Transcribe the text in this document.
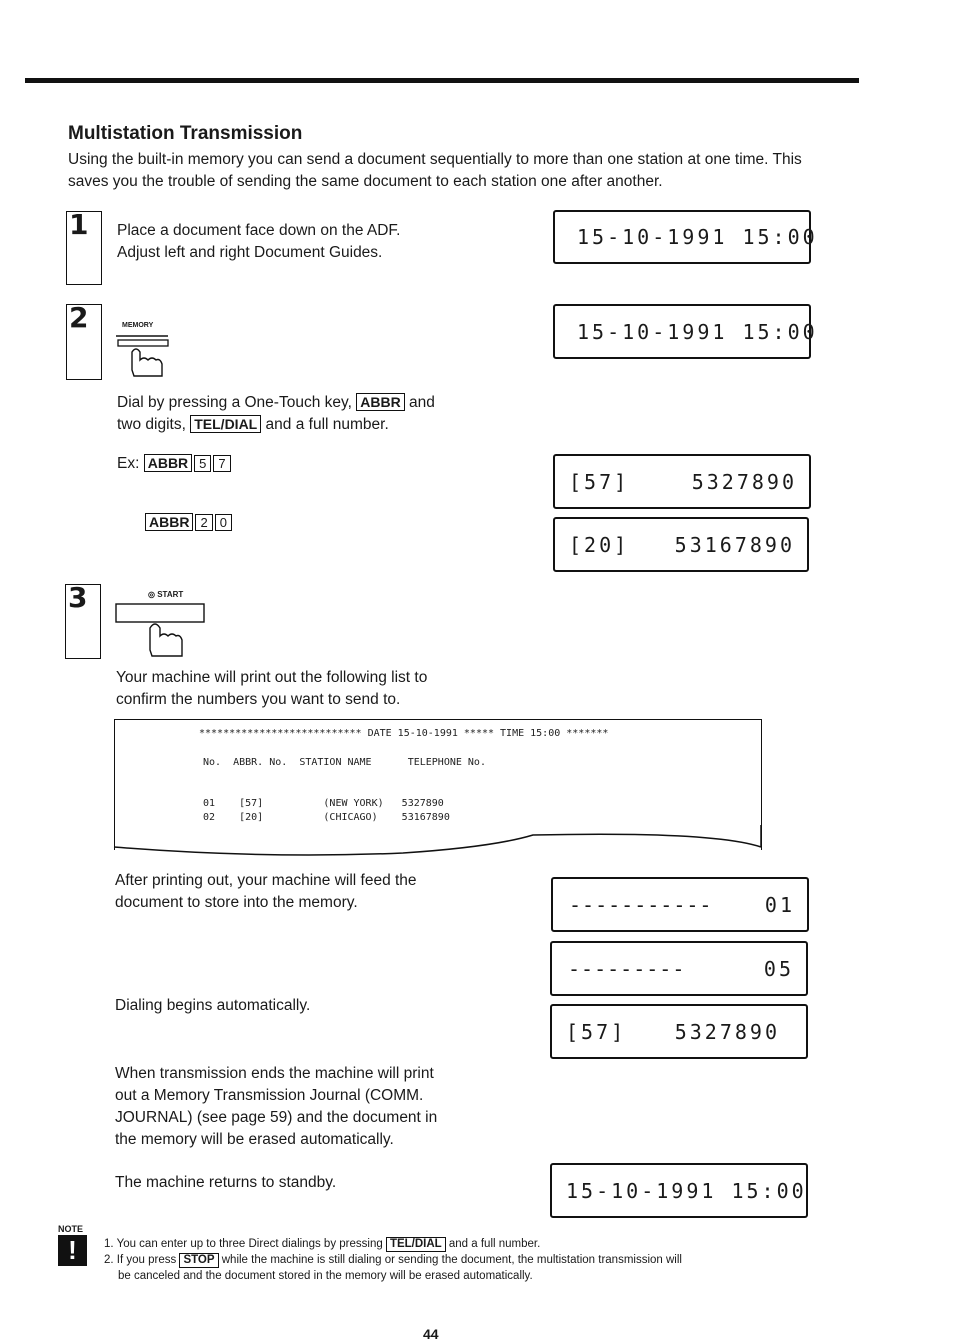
Multistation Transmission
Using the built-in memory you can send a document sequentially to more than one station at one time. This saves you the trouble of sending the same document to each station one after another.
1 Place a document face down on the ADF.
Adjust left and right Document Guides.
15-10-1991 15:00
2	MEMORY	15-10-1991 15:00
Dial by pressing a One-Touch key, ABBR and
two digits, TEL/DIAL and a full number.
Ex: ABBR 5 7
[57]	5327890
ABBR 2 0
[20] 53167890
3	◎ START
Your machine will print out the following list to
confirm the numbers you want to send to.
*************************** DATE 15-10-1991 ***** TIME 15:00 *******
No.  ABBR. No.  STATION NAME      TELEPHONE No.
01    [57]          (NEW YORK)   5327890
02    [20]          (CHICAGO)    53167890
After printing out, your machine will feed the
document to store into the memory.	-----------	01
---------	05
Dialing begins automatically.
[57] 5327890
When transmission ends the machine will print
out a Memory Transmission Journal (COMM.
JOURNAL) (see page 59) and the document in
the memory will be erased automatically.
The machine returns to standby.	15-10-1991 15:00
NOTE
!	1. You can enter up to three Direct dialings by pressing TEL/DIAL and a full number.
2. If you press STOP while the machine is still dialing or sending the document, the multistation transmission will
be canceled and the document stored in the memory will be erased automatically.
44
